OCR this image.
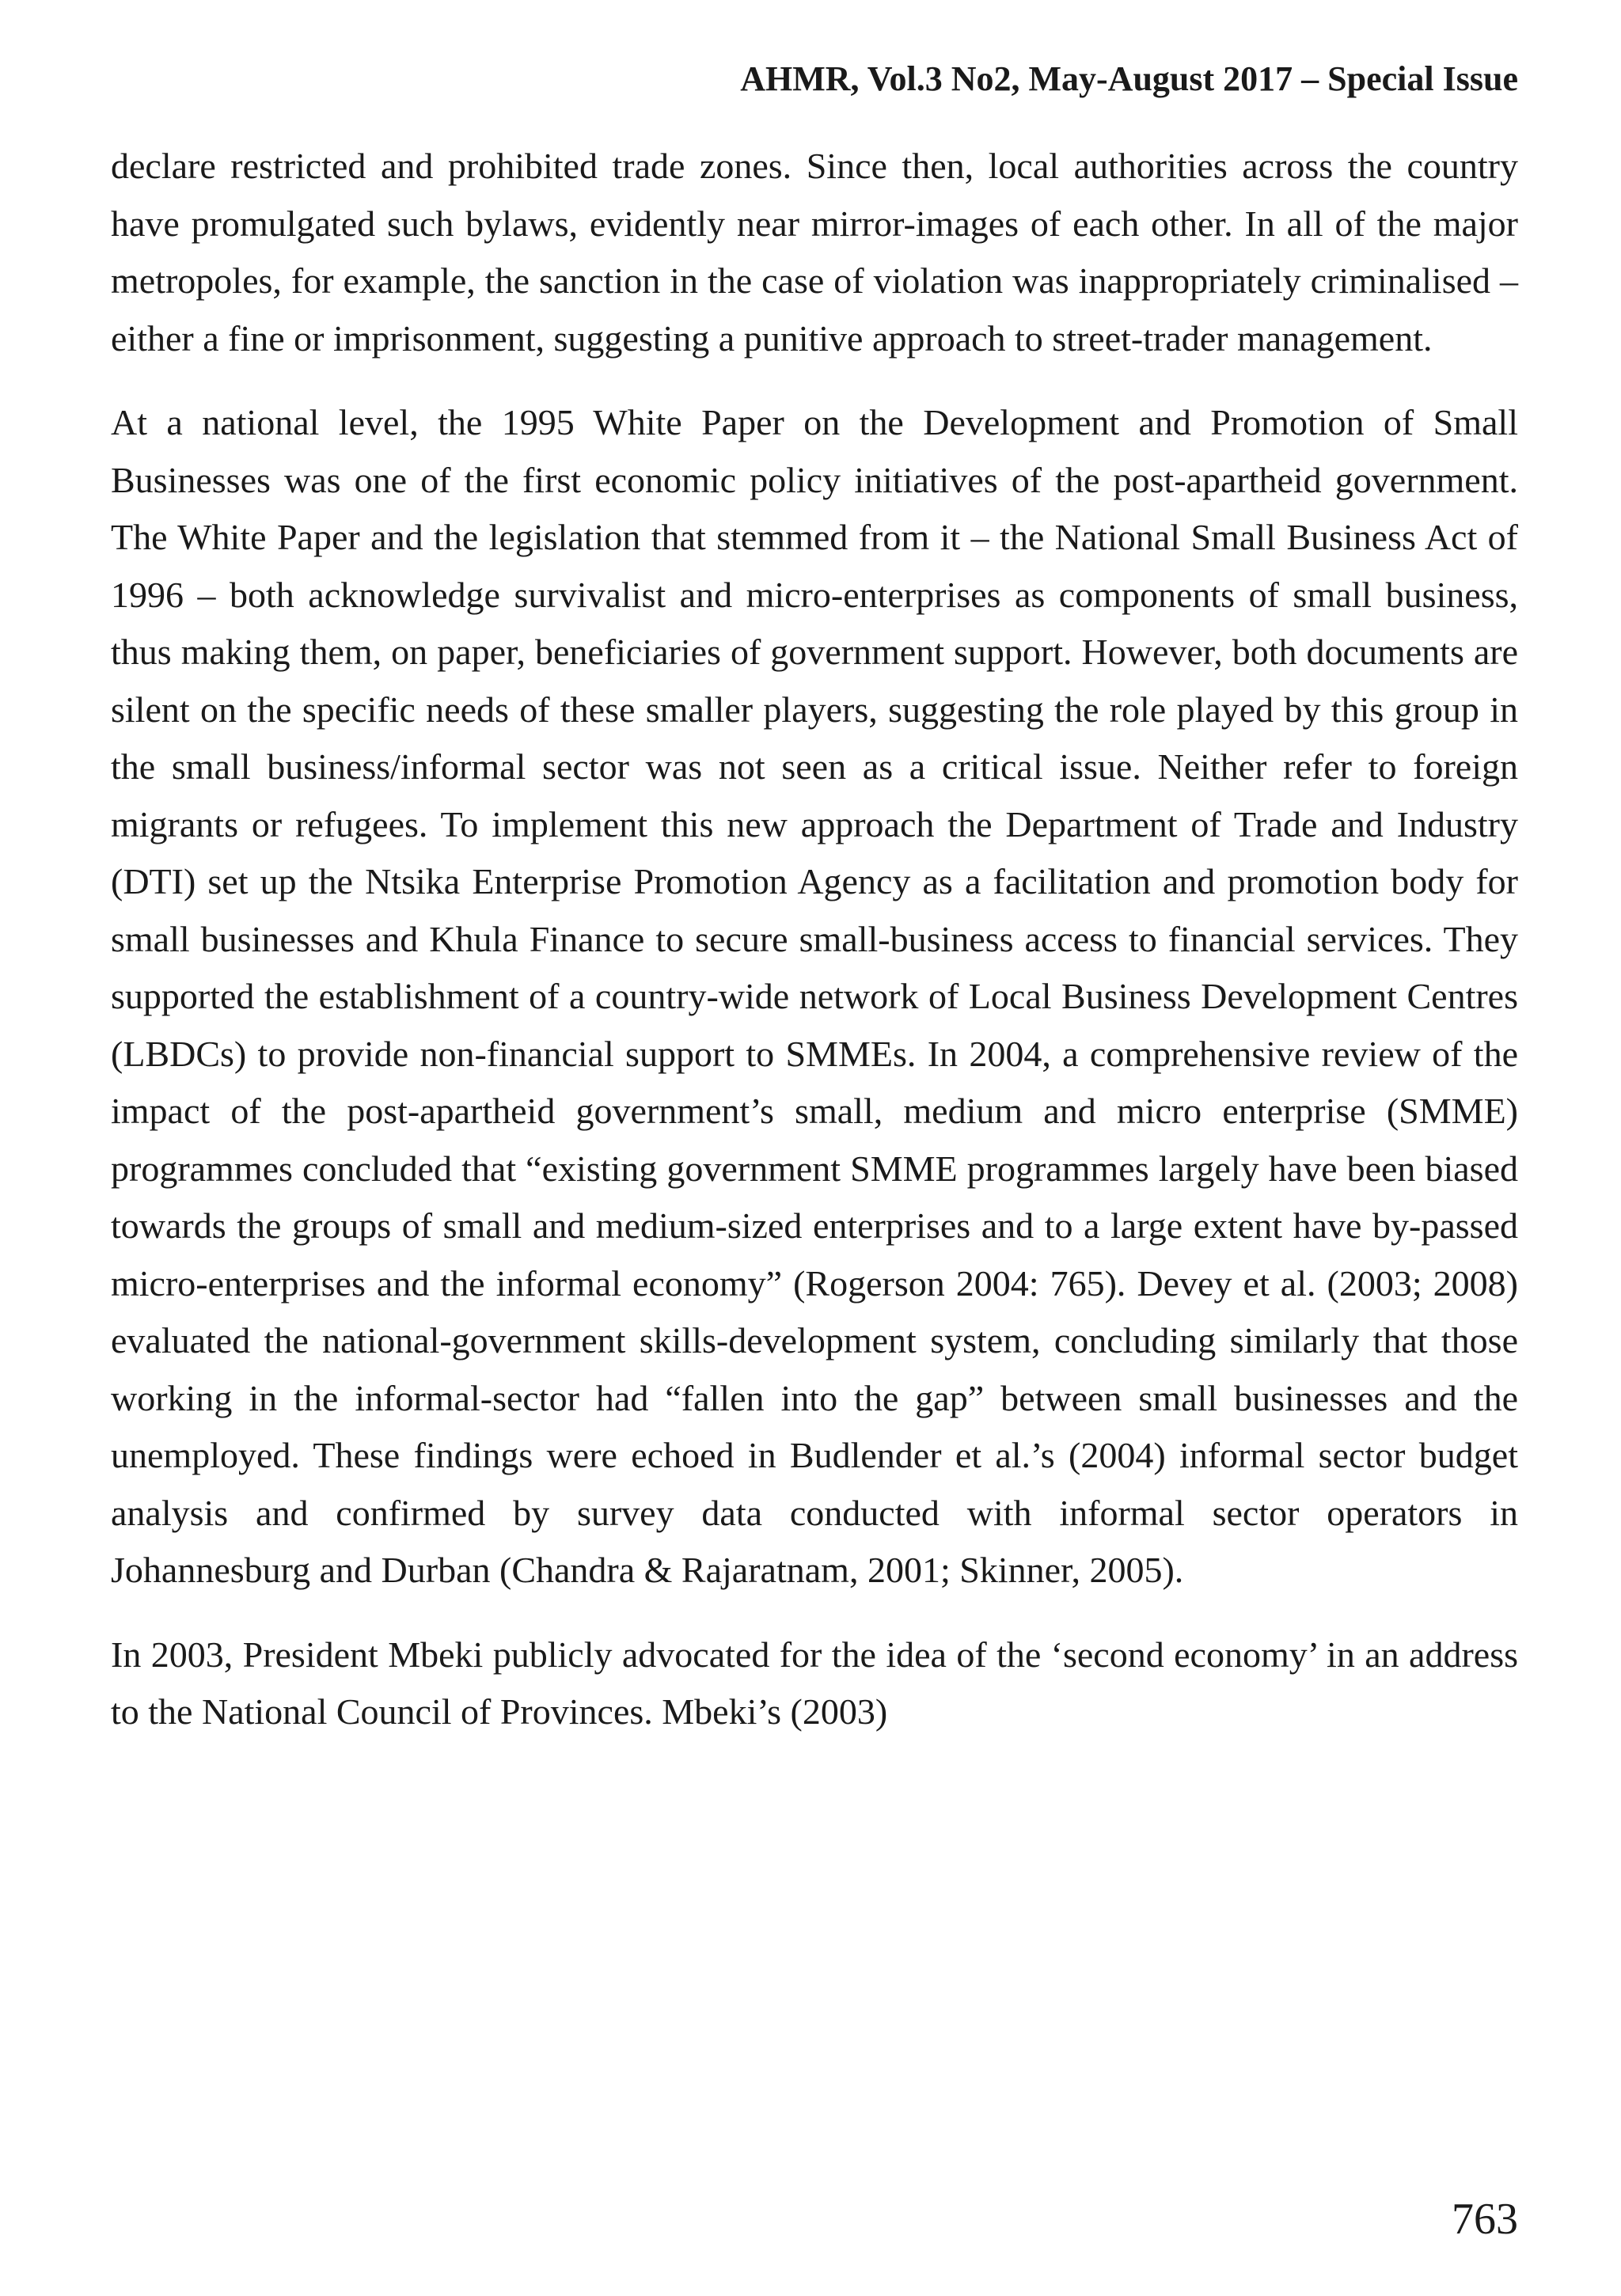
AHMR, Vol.3 No2, May-August 2017 – Special Issue

declare restricted and prohibited trade zones. Since then, local authorities across the country have promulgated such bylaws, evidently near mirror-images of each other. In all of the major metropoles, for example, the sanction in the case of violation was inappropriately criminalised – either a fine or imprisonment, suggesting a punitive approach to street-trader management.

At a national level, the 1995 White Paper on the Development and Promotion of Small Businesses was one of the first economic policy initiatives of the post-apartheid government. The White Paper and the legislation that stemmed from it – the National Small Business Act of 1996 – both acknowledge survivalist and micro-enterprises as components of small business, thus making them, on paper, beneficiaries of government support. However, both documents are silent on the specific needs of these smaller players, suggesting the role played by this group in the small business/informal sector was not seen as a critical issue. Neither refer to foreign migrants or refugees. To implement this new approach the Department of Trade and Industry (DTI) set up the Ntsika Enterprise Promotion Agency as a facilitation and promotion body for small businesses and Khula Finance to secure small-business access to financial services. They supported the establishment of a country-wide network of Local Business Development Centres (LBDCs) to provide non-financial support to SMMEs. In 2004, a comprehensive review of the impact of the post-apartheid government’s small, medium and micro enterprise (SMME) programmes concluded that “existing government SMME programmes largely have been biased towards the groups of small and medium-sized enterprises and to a large extent have by-passed micro-enterprises and the informal economy” (Rogerson 2004: 765). Devey et al. (2003; 2008) evaluated the national-government skills-development system, concluding similarly that those working in the informal-sector had “fallen into the gap” between small businesses and the unemployed. These findings were echoed in Budlender et al.’s (2004) informal sector budget analysis and confirmed by survey data conducted with informal sector operators in Johannesburg and Durban (Chandra & Rajaratnam, 2001; Skinner, 2005).

In 2003, President Mbeki publicly advocated for the idea of the ‘second economy’ in an address to the National Council of Provinces. Mbeki’s (2003)

763
